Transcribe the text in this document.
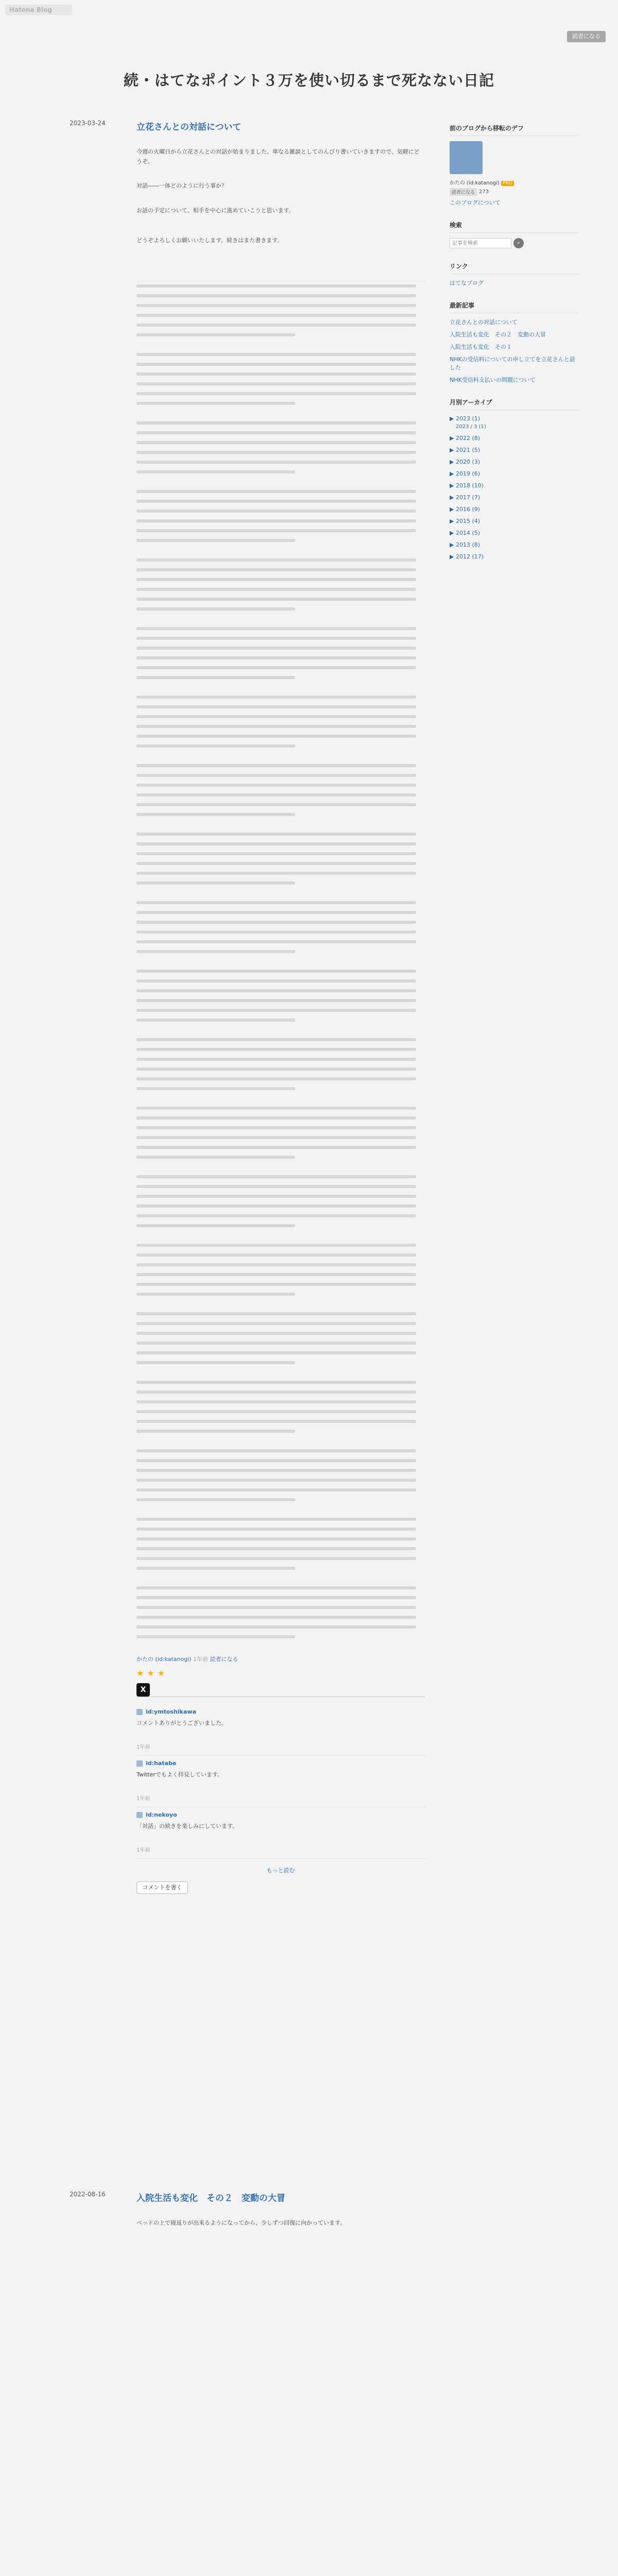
Hatena Blog
読者になる
続・はてなポイント３万を使い切るまで死なない日記
2023-03-24	立花さんとの対話について
今週の火曜日から立花さんとの対話が始まりました。単なる雑談としてのんびり書いていきますので、気軽にどうぞ。
対話――一体どのように行う事か？
お話の予定について、相手を中心に進めていこうと思います。
どうぞよろしくお願いいたします。続きはまた書きます。
かたの (id:katanogi) 1年前 読者になる
★ ★ ★
X
id:ymtoshikawa
コメントありがとうございました。
1年前
id:hatabe
Twitterでもよく拝見しています。
1年前
id:nekoyo
「対話」の続きを楽しみにしています。
1年前
もっと読む
コメントを書く
2022-08-16	入院生活も変化　その２　変動の大冒
ベッドの上で寝返りが出来るようになってから、少しずつ回復に向かっています。
前のブログから移転のデフ
かたの (id:katanogi) PRO
読者になる 273
このブログについて
検索
記事を検索
⌕
リンク
はてなブログ
最新記事
立花さんとの対話について
入院生活も変化　その２　変動の大冒
入院生活も変化　その１
NHKの受信料についての申し立てを立花さんと話した
NHK受信料支払いの問題について
月別アーカイブ
▶ 2023 (1)
2023 / 3 (1)
▶ 2022 (8)
▶ 2021 (5)
▶ 2020 (3)
▶ 2019 (6)
▶ 2018 (10)
▶ 2017 (7)
▶ 2016 (9)
▶ 2015 (4)
▶ 2014 (5)
▶ 2013 (8)
▶ 2012 (17)
